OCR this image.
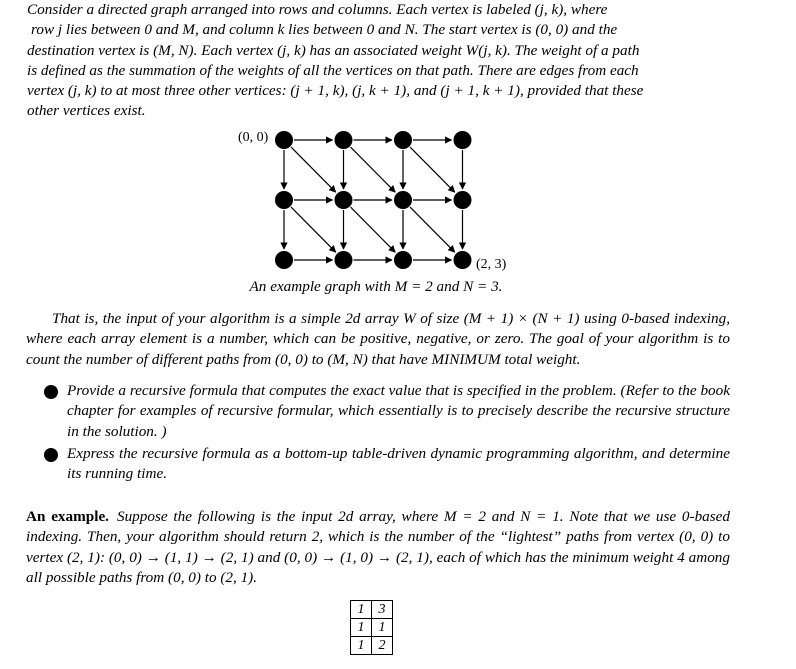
Consider a directed graph arranged into rows and columns. Each vertex is labeled (j, k), where
row j lies between 0 and M, and column k lies between 0 and N. The start vertex is (0, 0) and the
destination vertex is (M, N). Each vertex (j, k) has an associated weight W(j, k). The weight of a path
is defined as the summation of the weights of all the vertices on that path. There are edges from each
vertex (j, k) to at most three other vertices: (j + 1, k), (j, k + 1), and (j + 1, k + 1), provided that these
other vertices exist.
(0, 0)
(2, 3)
An example graph with M = 2 and N = 3.

That is, the input of your algorithm is a simple 2d array W of size (M + 1) × (N + 1) using 0-based indexing, where each array element is a number, which can be positive, negative, or zero. The goal of your algorithm is to count the number of different paths from (0, 0) to (M, N) that have MINIMUM total weight.

Provide a recursive formula that computes the exact value that is specified in the problem. (Refer to the book chapter for examples of recursive formular, which essentially is to precisely describe the recursive structure in the solution. )
Express the recursive formula as a bottom-up table-driven dynamic programming algorithm, and determine its running time.

An example. Suppose the following is the input 2d array, where M = 2 and N = 1. Note that we use 0-based indexing. Then, your algorithm should return 2, which is the number of the “lightest” paths from vertex (0, 0) to vertex (2, 1): (0, 0) → (1, 1) → (2, 1) and (0, 0) → (1, 0) → (2, 1), each of which has the minimum weight 4 among all possible paths from (0, 0) to (2, 1).

1	3
1	1
1	2
